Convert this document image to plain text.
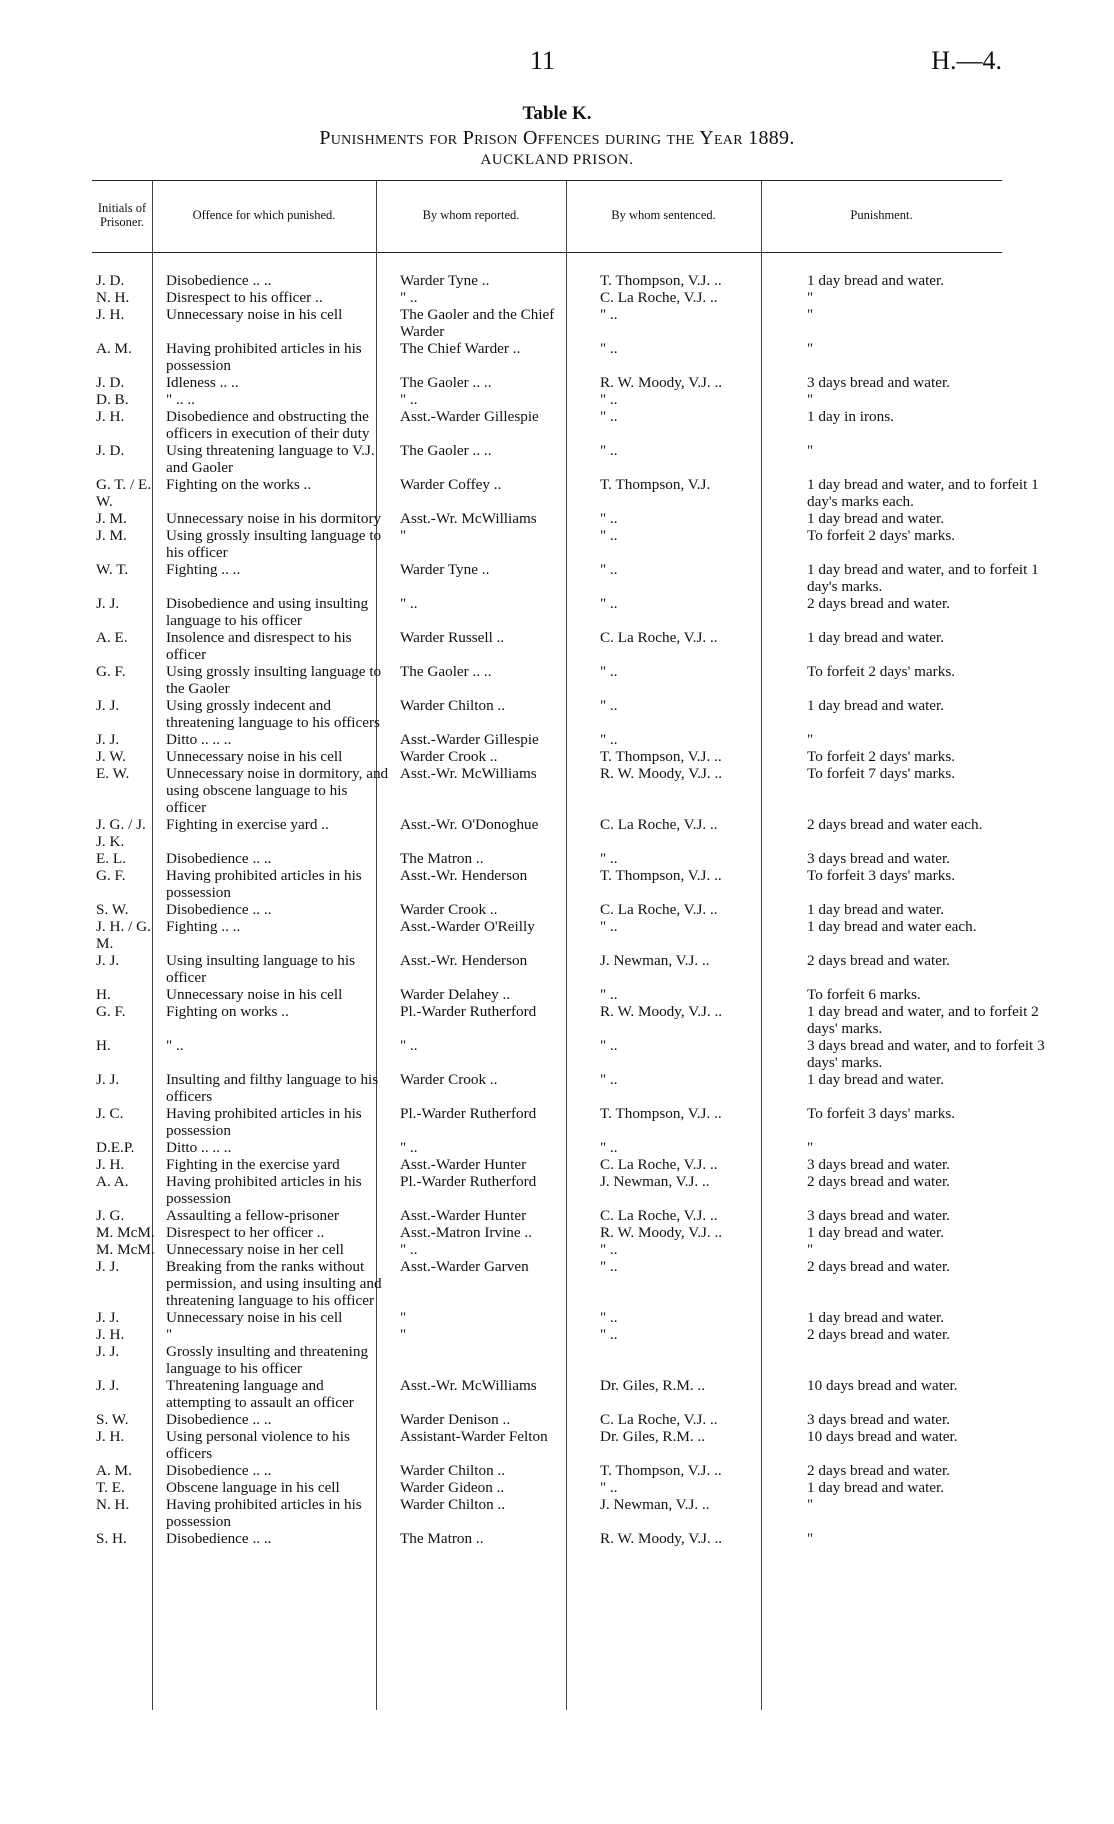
11	H.—4.
Table K.
Punishments for Prison Offences during the Year 1889.
AUCKLAND PRISON.
Initials of Prisoner.	Offence for which punished.	By whom reported.	By whom sentenced.	Punishment.
J. D.	Disobedience .. ..	Warder Tyne ..	T. Thompson, V.J. ..	1 day bread and water.
N. H.	Disrespect to his officer ..	" ..	C. La Roche, V.J. ..	"
J. H.	Unnecessary noise in his cell	The Gaoler and the Chief Warder	" ..	"
A. M.	Having prohibited articles in his possession	The Chief Warder ..	" ..	"
J. D.	Idleness .. ..	The Gaoler .. ..	R. W. Moody, V.J. ..	3 days bread and water.
D. B.	" .. ..	" ..	" ..	"
J. H.	Disobedience and obstructing the officers in execution of their duty	Asst.-Warder Gillespie	" ..	1 day in irons.
J. D.	Using threatening language to V.J. and Gaoler	The Gaoler .. ..	" ..	"
G. T. / E. W.	Fighting on the works ..	Warder Coffey ..	T. Thompson, V.J.	1 day bread and water, and to forfeit 1 day's marks each.
J. M.	Unnecessary noise in his dormitory	Asst.-Wr. McWilliams	" ..	1 day bread and water.
J. M.	Using grossly insulting language to his officer	"	" ..	To forfeit 2 days' marks.
W. T.	Fighting .. ..	Warder Tyne ..	" ..	1 day bread and water, and to forfeit 1 day's marks.
J. J.	Disobedience and using insulting language to his officer	" ..	" ..	2 days bread and water.
A. E.	Insolence and disrespect to his officer	Warder Russell ..	C. La Roche, V.J. ..	1 day bread and water.
G. F.	Using grossly insulting language to the Gaoler	The Gaoler .. ..	" ..	To forfeit 2 days' marks.
J. J.	Using grossly indecent and threatening language to his officers	Warder Chilton ..	" ..	1 day bread and water.
J. J.	Ditto .. .. ..	Asst.-Warder Gillespie	" ..	"
J. W.	Unnecessary noise in his cell	Warder Crook ..	T. Thompson, V.J. ..	To forfeit 2 days' marks.
E. W.	Unnecessary noise in dormitory, and using obscene language to his officer	Asst.-Wr. McWilliams	R. W. Moody, V.J. ..	To forfeit 7 days' marks.
J. G. / J. J. K.	Fighting in exercise yard ..	Asst.-Wr. O'Donoghue	C. La Roche, V.J. ..	2 days bread and water each.
E. L.	Disobedience .. ..	The Matron ..	" ..	3 days bread and water.
G. F.	Having prohibited articles in his possession	Asst.-Wr. Henderson	T. Thompson, V.J. ..	To forfeit 3 days' marks.
S. W.	Disobedience .. ..	Warder Crook ..	C. La Roche, V.J. ..	1 day bread and water.
J. H. / G. M.	Fighting .. ..	Asst.-Warder O'Reilly	" ..	1 day bread and water each.
J. J.	Using insulting language to his officer	Asst.-Wr. Henderson	J. Newman, V.J. ..	2 days bread and water.
H.	Unnecessary noise in his cell	Warder Delahey ..	" ..	To forfeit 6 marks.
G. F.	Fighting on works ..	Pl.-Warder Rutherford	R. W. Moody, V.J. ..	1 day bread and water, and to forfeit 2 days' marks.
H.	" ..	" ..	" ..	3 days bread and water, and to forfeit 3 days' marks.
J. J.	Insulting and filthy language to his officers	Warder Crook ..	" ..	1 day bread and water.
J. C.	Having prohibited articles in his possession	Pl.-Warder Rutherford	T. Thompson, V.J. ..	To forfeit 3 days' marks.
D.E.P.	Ditto .. .. ..	" ..	" ..	"
J. H.	Fighting in the exercise yard	Asst.-Warder Hunter	C. La Roche, V.J. ..	3 days bread and water.
A. A.	Having prohibited articles in his possession	Pl.-Warder Rutherford	J. Newman, V.J. ..	2 days bread and water.
J. G.	Assaulting a fellow-prisoner	Asst.-Warder Hunter	C. La Roche, V.J. ..	3 days bread and water.
M. McM.	Disrespect to her officer ..	Asst.-Matron Irvine ..	R. W. Moody, V.J. ..	1 day bread and water.
M. McM.	Unnecessary noise in her cell	" ..	" ..	"
J. J.	Breaking from the ranks without permission, and using insulting and threatening language to his officer	Asst.-Warder Garven	" ..	2 days bread and water.
J. J.	Unnecessary noise in his cell	"	" ..	1 day bread and water.
J. H.	"	"	" ..	2 days bread and water.
J. J.	Grossly insulting and threatening language to his officer			
J. J.	Threatening language and attempting to assault an officer	Asst.-Wr. McWilliams	Dr. Giles, R.M. ..	10 days bread and water.
S. W.	Disobedience .. ..	Warder Denison ..	C. La Roche, V.J. ..	3 days bread and water.
J. H.	Using personal violence to his officers	Assistant-Warder Felton	Dr. Giles, R.M. ..	10 days bread and water.
A. M.	Disobedience .. ..	Warder Chilton ..	T. Thompson, V.J. ..	2 days bread and water.
T. E.	Obscene language in his cell	Warder Gideon ..	" ..	1 day bread and water.
N. H.	Having prohibited articles in his possession	Warder Chilton ..	J. Newman, V.J. ..	"
S. H.	Disobedience .. ..	The Matron ..	R. W. Moody, V.J. ..	"
